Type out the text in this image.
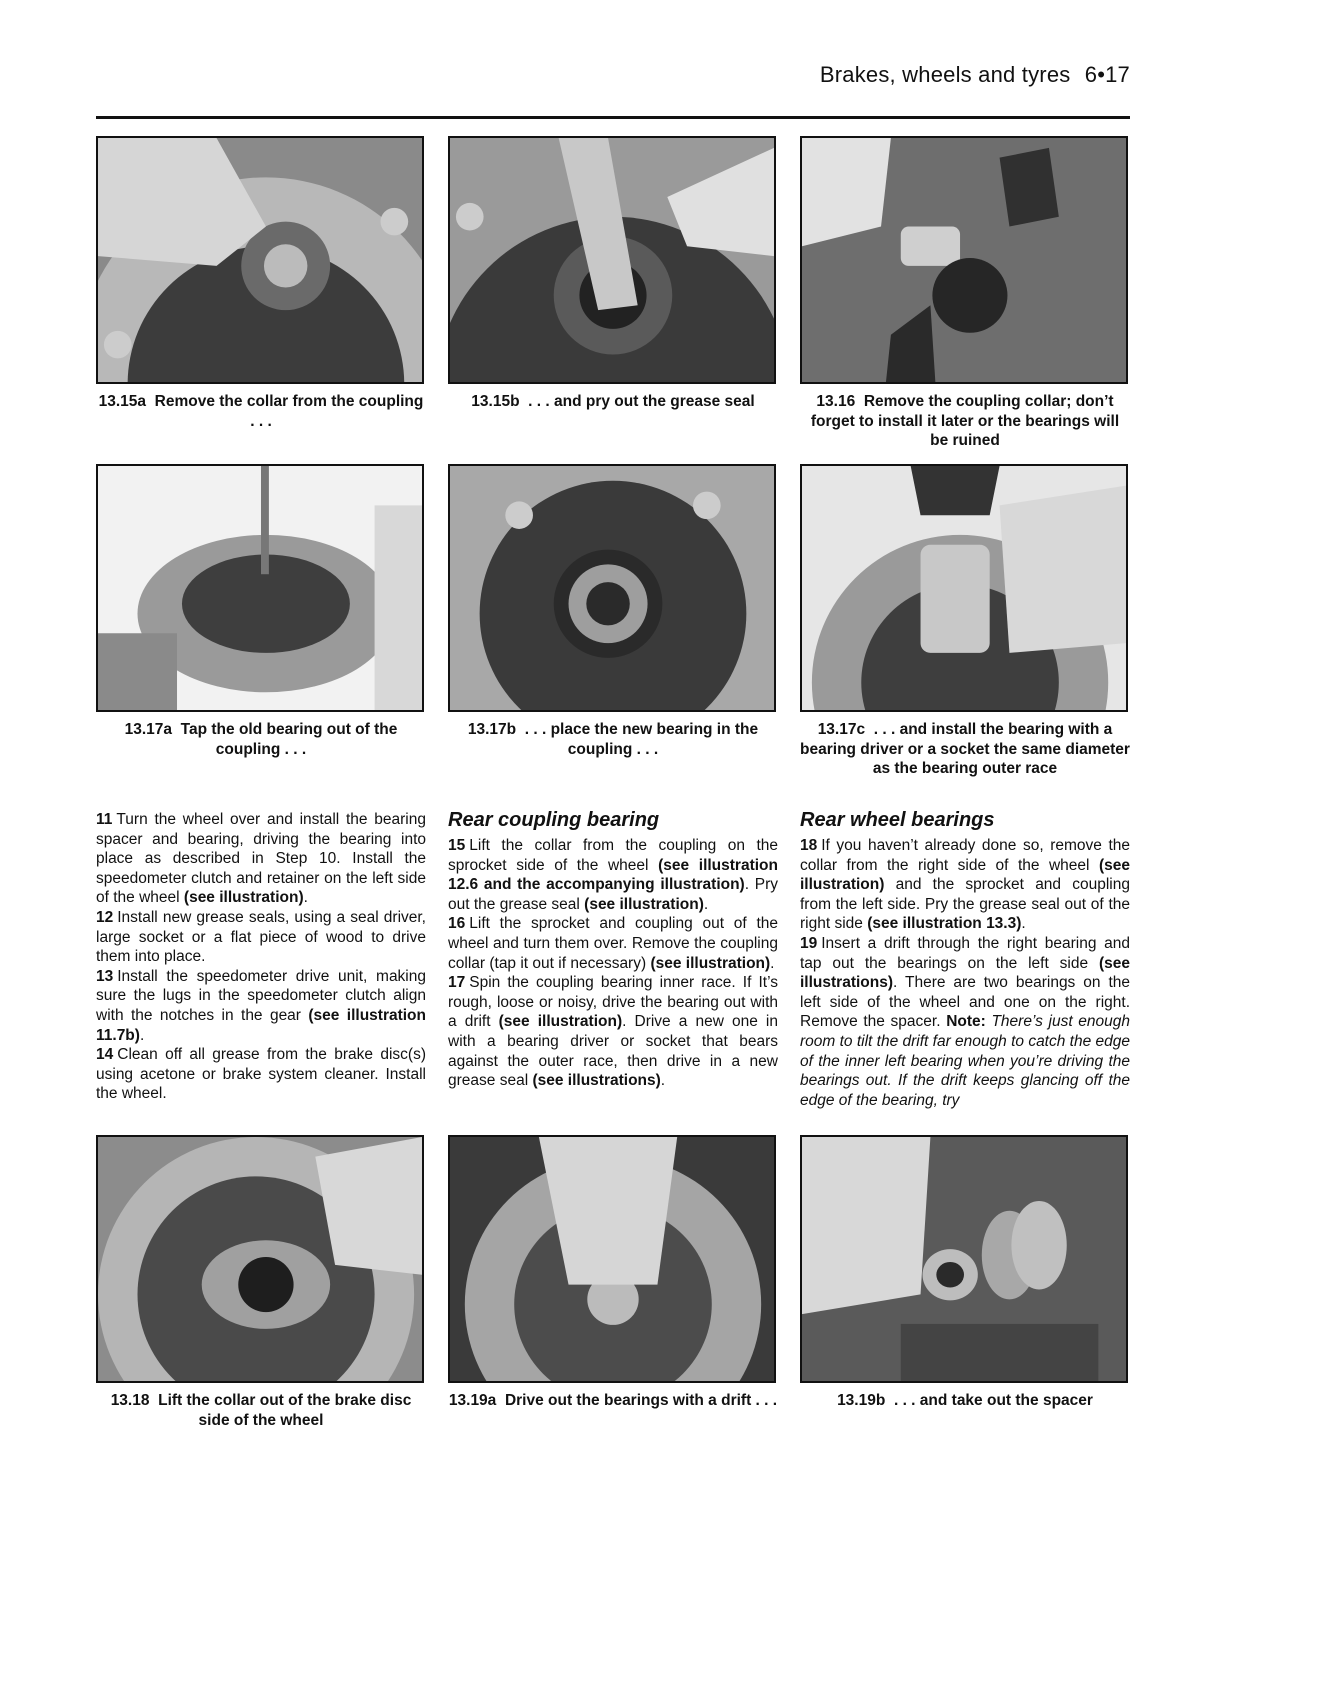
Brakes, wheels and tyres 6•17
13.15a Remove the collar from the coupling . . .
13.15b . . . and pry out the grease seal	13.16 Remove the coupling collar; don’t forget to install it later or the bearings will be ruined
13.17a Tap the old bearing out of the coupling . . .
13.17b . . . place the new bearing in the coupling . . .
13.17c . . . and install the bearing with a bearing driver or a socket the same diameter as the bearing outer race

11 Turn the wheel over and install the bearing spacer and bearing, driving the bearing into place as described in Step 10. Install the speedometer clutch and retainer on the left side of the wheel (see illustration).

12 Install new grease seals, using a seal driver, large socket or a flat piece of wood to drive them into place.

13 Install the speedometer drive unit, making sure the lugs in the speedometer clutch align with the notches in the gear (see illustration 11.7b).

14 Clean off all grease from the brake disc(s) using acetone or brake system cleaner. Install the wheel.

Rear coupling bearing

15 Lift the collar from the coupling on the sprocket side of the wheel (see illustration 12.6 and the accompanying illustration). Pry out the grease seal (see illustration).

16 Lift the sprocket and coupling out of the wheel and turn them over. Remove the coupling collar (tap it out if necessary) (see illustration).

17 Spin the coupling bearing inner race. If It’s rough, loose or noisy, drive the bearing out with a drift (see illustration). Drive a new one in with a bearing driver or socket that bears against the outer race, then drive in a new grease seal (see illustrations).

Rear wheel bearings

18 If you haven’t already done so, remove the collar from the right side of the wheel (see illustration) and the sprocket and coupling from the left side. Pry the grease seal out of the right side (see illustration 13.3).

19 Insert a drift through the right bearing and tap out the bearings on the left side (see illustrations). There are two bearings on the left side of the wheel and one on the right. Remove the spacer. Note: There’s just enough room to tilt the drift far enough to catch the edge of the inner left bearing when you’re driving the bearings out. If the drift keeps glancing off the edge of the bearing, try

13.18 Lift the collar out of the brake disc side of the wheel
13.19a Drive out the bearings with a drift . . .	13.19b . . . and take out the spacer
